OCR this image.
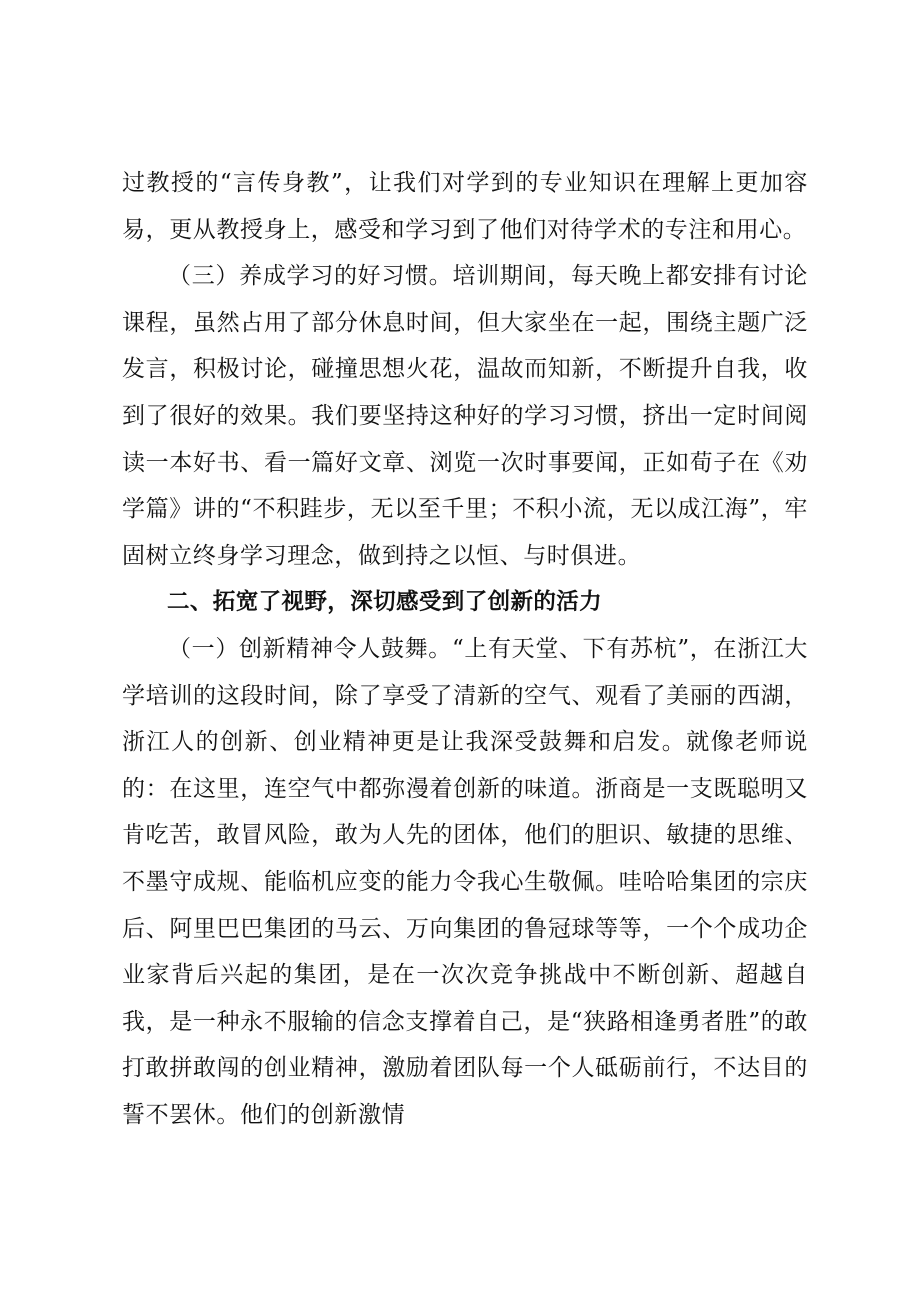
过教授的“言传身教”，让我们对学到的专业知识在理解上更加容易，更从教授身上，感受和学习到了他们对待学术的专注和用心。

（三）养成学习的好习惯。培训期间，每天晚上都安排有讨论课程，虽然占用了部分休息时间，但大家坐在一起，围绕主题广泛发言，积极讨论，碰撞思想火花，温故而知新，不断提升自我，收到了很好的效果。我们要坚持这种好的学习习惯，挤出一定时间阅读一本好书、看一篇好文章、浏览一次时事要闻，正如荀子在《劝学篇》讲的“不积跬步，无以至千里；不积小流，无以成江海”，牢固树立终身学习理念，做到持之以恒、与时俱进。

二、拓宽了视野，深切感受到了创新的活力

（一）创新精神令人鼓舞。“上有天堂、下有苏杭”，在浙江大学培训的这段时间，除了享受了清新的空气、观看了美丽的西湖，浙江人的创新、创业精神更是让我深受鼓舞和启发。就像老师说的：在这里，连空气中都弥漫着创新的味道。浙商是一支既聪明又肯吃苦，敢冒风险，敢为人先的团体，他们的胆识、敏捷的思维、不墨守成规、能临机应变的能力令我心生敬佩。哇哈哈集团的宗庆后、阿里巴巴集团的马云、万向集团的鲁冠球等等，一个个成功企业家背后兴起的集团，是在一次次竞争挑战中不断创新、超越自我，是一种永不服输的信念支撑着自己，是“狭路相逢勇者胜”的敢打敢拼敢闯的创业精神，激励着团队每一个人砥砺前行，不达目的誓不罢休。他们的创新激情
